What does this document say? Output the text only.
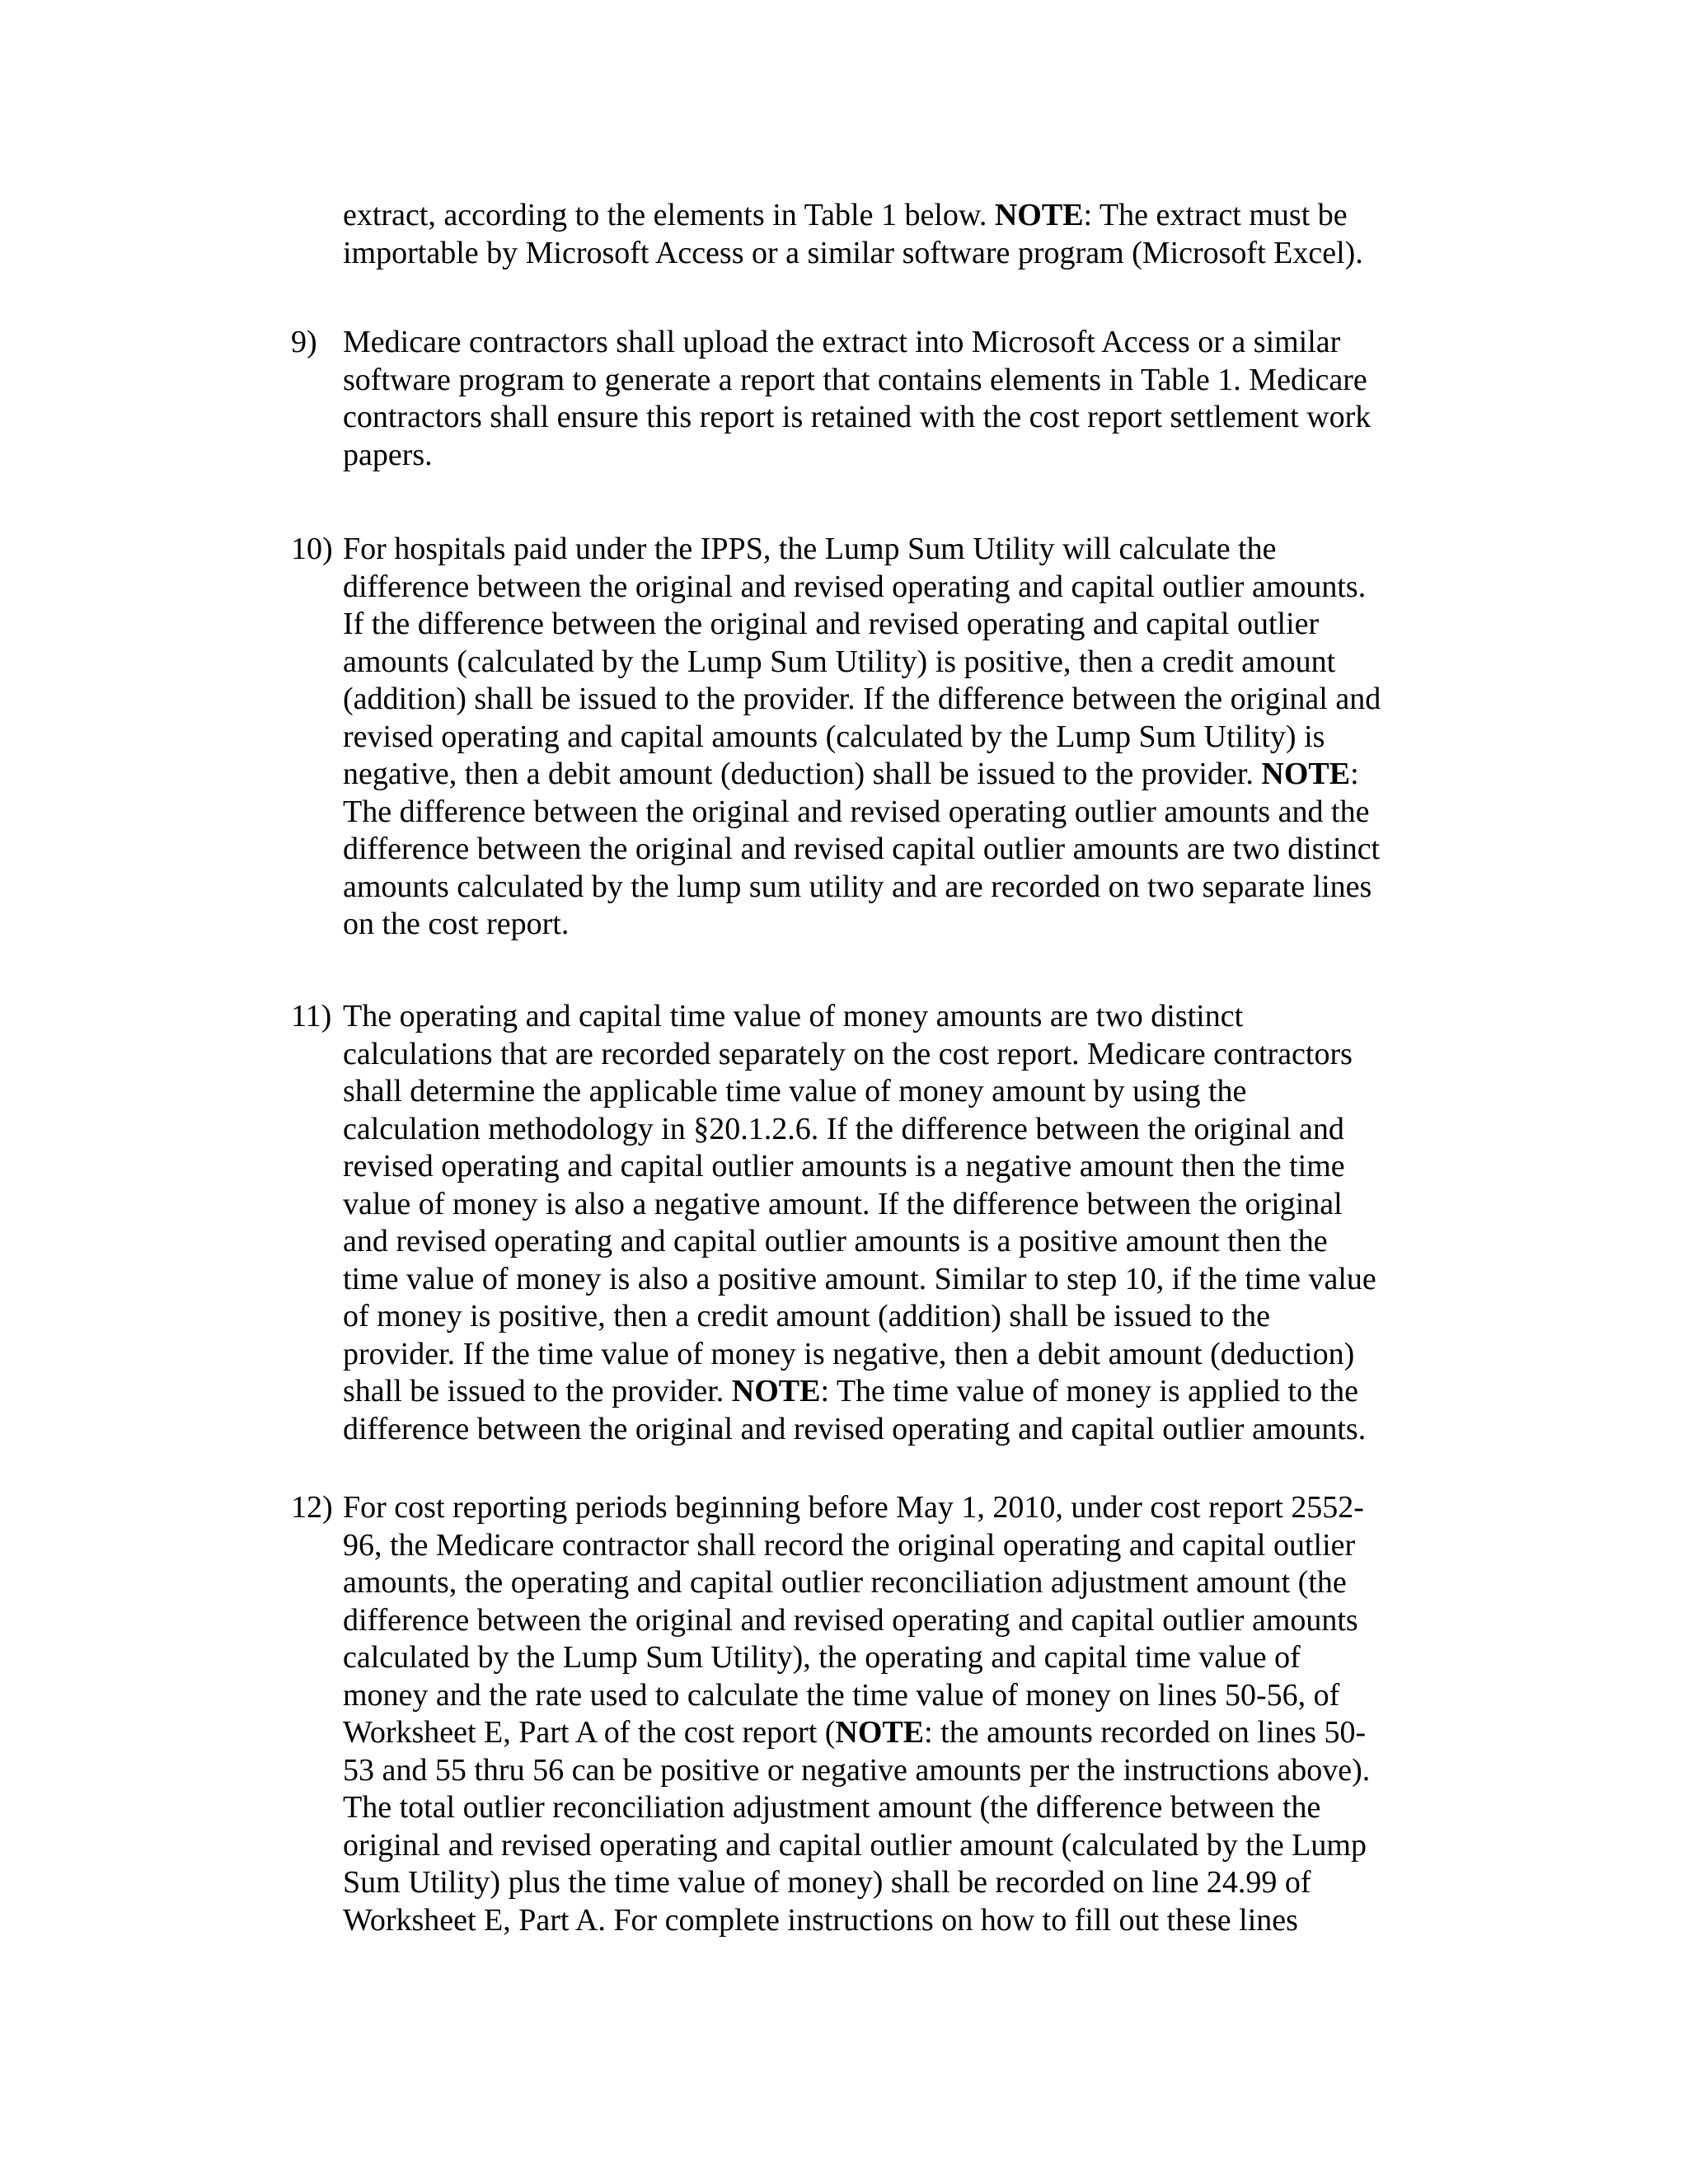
extract, according to the elements in Table 1 below. NOTE: The extract must be
importable by Microsoft Access or a similar software program (Microsoft Excel).
9) Medicare contractors shall upload the extract into Microsoft Access or a similar
software program to generate a report that contains elements in Table 1. Medicare
contractors shall ensure this report is retained with the cost report settlement work
papers.
10) For hospitals paid under the IPPS, the Lump Sum Utility will calculate the
difference between the original and revised operating and capital outlier amounts.
If the difference between the original and revised operating and capital outlier
amounts (calculated by the Lump Sum Utility) is positive, then a credit amount
(addition) shall be issued to the provider. If the difference between the original and
revised operating and capital amounts (calculated by the Lump Sum Utility) is
negative, then a debit amount (deduction) shall be issued to the provider. NOTE:
The difference between the original and revised operating outlier amounts and the
difference between the original and revised capital outlier amounts are two distinct
amounts calculated by the lump sum utility and are recorded on two separate lines
on the cost report.
11) The operating and capital time value of money amounts are two distinct
calculations that are recorded separately on the cost report. Medicare contractors
shall determine the applicable time value of money amount by using the
calculation methodology in §20.1.2.6. If the difference between the original and
revised operating and capital outlier amounts is a negative amount then the time
value of money is also a negative amount. If the difference between the original
and revised operating and capital outlier amounts is a positive amount then the
time value of money is also a positive amount. Similar to step 10, if the time value
of money is positive, then a credit amount (addition) shall be issued to the
provider. If the time value of money is negative, then a debit amount (deduction)
shall be issued to the provider. NOTE: The time value of money is applied to the
difference between the original and revised operating and capital outlier amounts.
12) For cost reporting periods beginning before May 1, 2010, under cost report 2552-
96, the Medicare contractor shall record the original operating and capital outlier
amounts, the operating and capital outlier reconciliation adjustment amount (the
difference between the original and revised operating and capital outlier amounts
calculated by the Lump Sum Utility), the operating and capital time value of
money and the rate used to calculate the time value of money on lines 50-56, of
Worksheet E, Part A of the cost report (NOTE: the amounts recorded on lines 50-
53 and 55 thru 56 can be positive or negative amounts per the instructions above).
The total outlier reconciliation adjustment amount (the difference between the
original and revised operating and capital outlier amount (calculated by the Lump
Sum Utility) plus the time value of money) shall be recorded on line 24.99 of
Worksheet E, Part A. For complete instructions on how to fill out these lines
